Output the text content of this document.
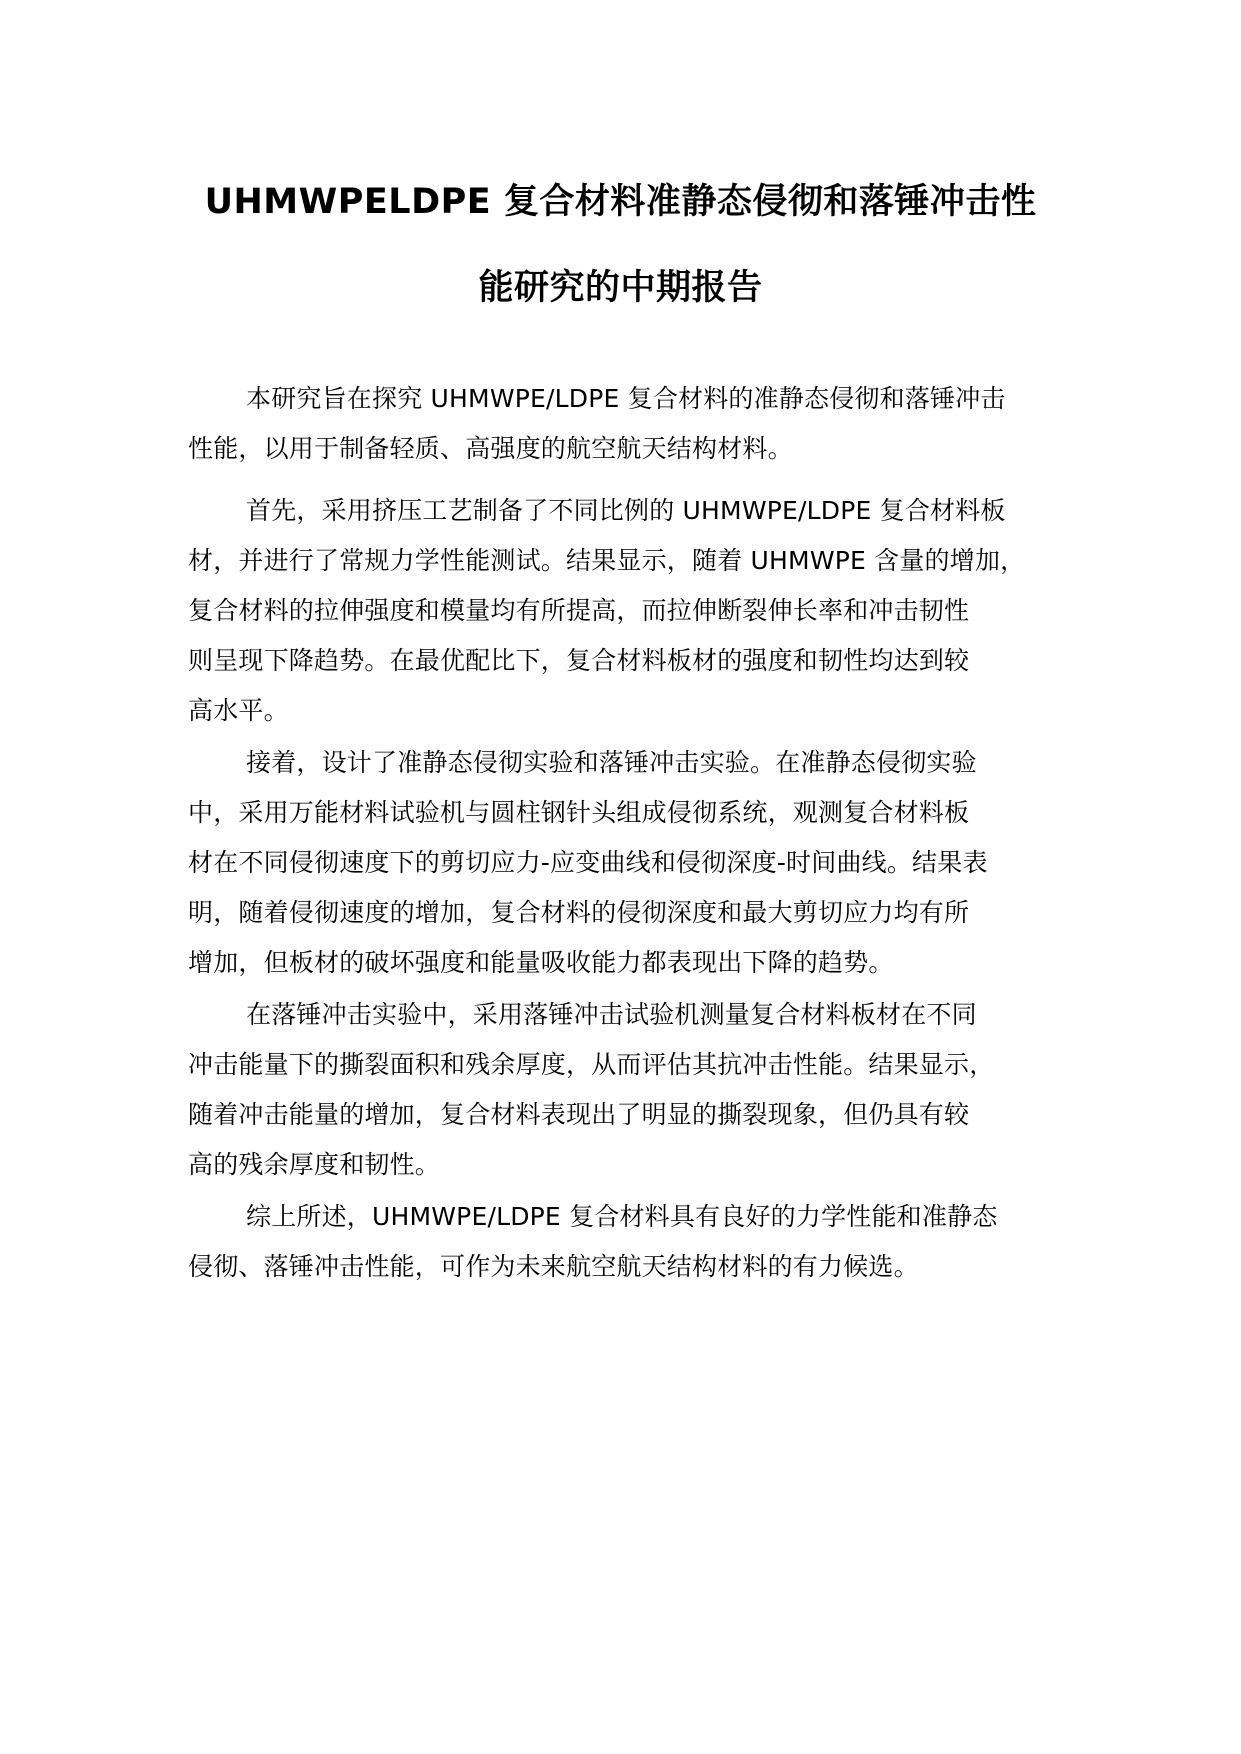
UHMWPELDPE 复合材料准静态侵彻和落锤冲击性
能研究的中期报告
本研究旨在探究 UHMWPE/LDPE 复合材料的准静态侵彻和落锤冲击
性能，以用于制备轻质、高强度的航空航天结构材料。
首先，采用挤压工艺制备了不同比例的 UHMWPE/LDPE 复合材料板
材，并进行了常规力学性能测试。结果显示，随着 UHMWPE 含量的增加，
复合材料的拉伸强度和模量均有所提高，而拉伸断裂伸长率和冲击韧性
则呈现下降趋势。在最优配比下，复合材料板材的强度和韧性均达到较
高水平。
接着，设计了准静态侵彻实验和落锤冲击实验。在准静态侵彻实验
中，采用万能材料试验机与圆柱钢针头组成侵彻系统，观测复合材料板
材在不同侵彻速度下的剪切应力-应变曲线和侵彻深度-时间曲线。结果表
明，随着侵彻速度的增加，复合材料的侵彻深度和最大剪切应力均有所
增加，但板材的破坏强度和能量吸收能力都表现出下降的趋势。
在落锤冲击实验中，采用落锤冲击试验机测量复合材料板材在不同
冲击能量下的撕裂面积和残余厚度，从而评估其抗冲击性能。结果显示，
随着冲击能量的增加，复合材料表现出了明显的撕裂现象，但仍具有较
高的残余厚度和韧性。
综上所述，UHMWPE/LDPE 复合材料具有良好的力学性能和准静态
侵彻、落锤冲击性能，可作为未来航空航天结构材料的有力候选。
